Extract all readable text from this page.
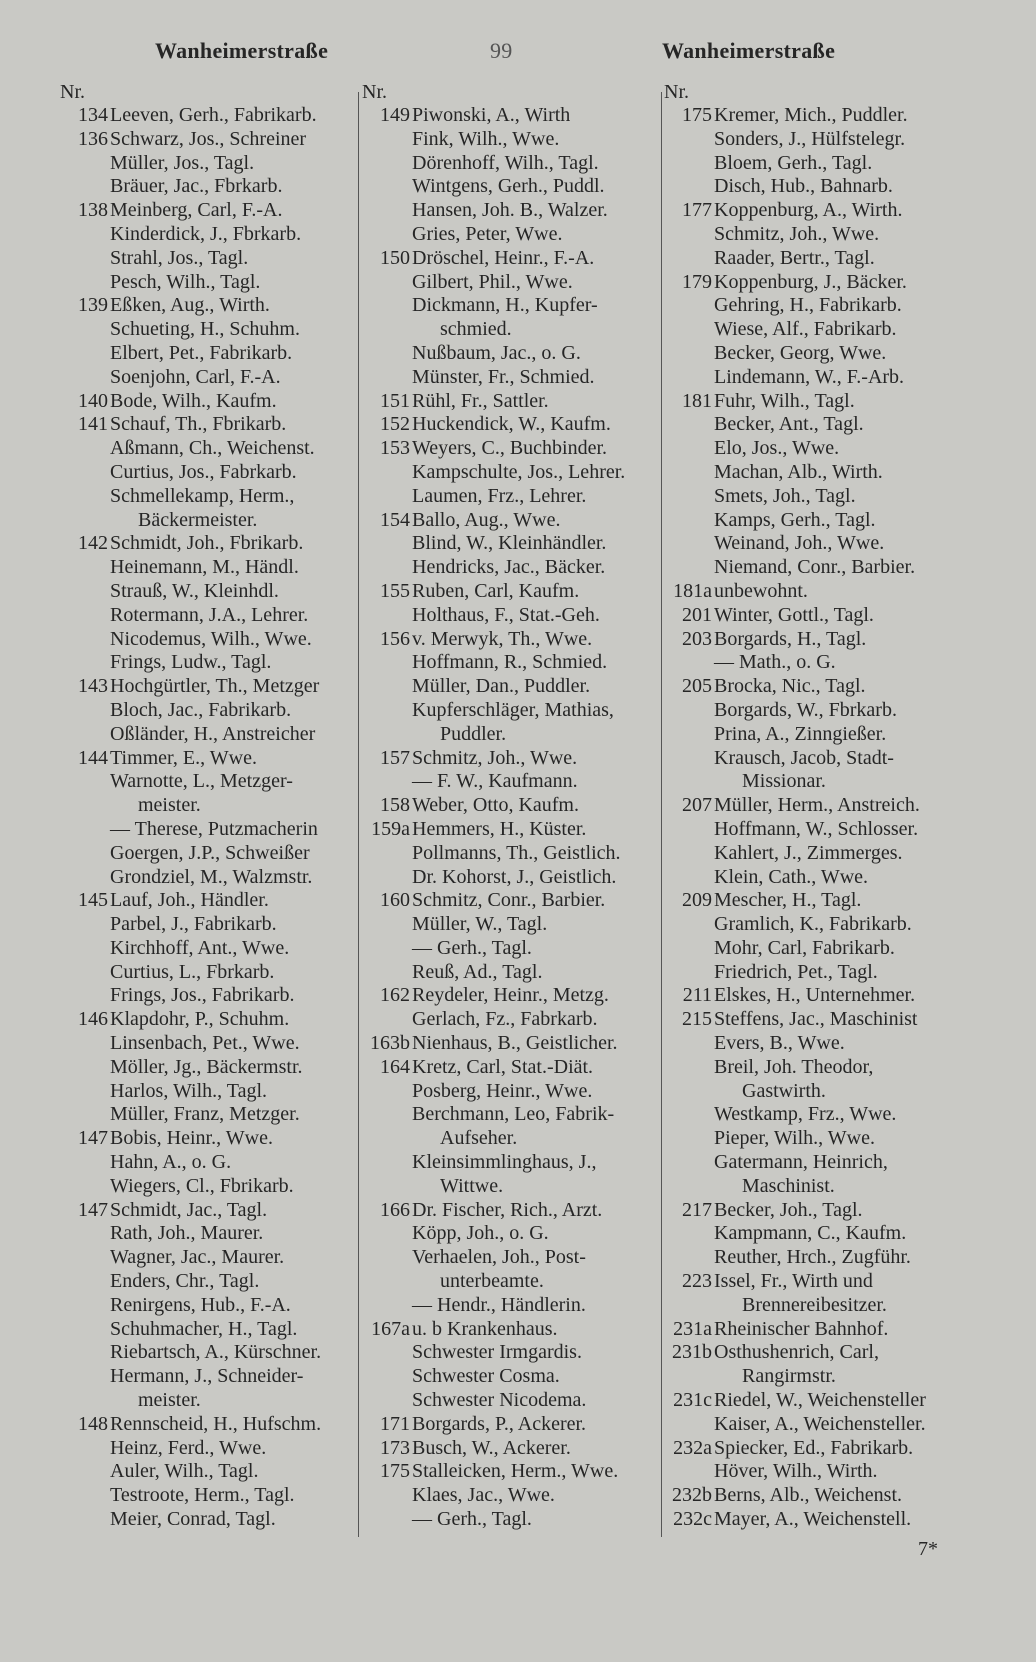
Wanheimerstraße	99	Wanheimerstraße
Nr.
134 Leeven, Gerh., Fabrikarb.
136 Schwarz, Jos., Schreiner
Müller, Jos., Tagl.
Bräuer, Jac., Fbrkarb.
138 Meinberg, Carl, F.-A.
Kinderdick, J., Fbrkarb.
Strahl, Jos., Tagl.
Pesch, Wilh., Tagl.
139 Eßken, Aug., Wirth.
Schueting, H., Schuhm.
Elbert, Pet., Fabrikarb.
Soenjohn, Carl, F.-A.
140 Bode, Wilh., Kaufm.
141 Schauf, Th., Fbrikarb.
Aßmann, Ch., Weichenst.
Curtius, Jos., Fabrkarb.
Schmellekamp, Herm.,
Bäckermeister.
142 Schmidt, Joh., Fbrikarb.
Heinemann, M., Händl.
Strauß, W., Kleinhdl.
Rotermann, J.A., Lehrer.
Nicodemus, Wilh., Wwe.
Frings, Ludw., Tagl.
143 Hochgürtler, Th., Metzger
Bloch, Jac., Fabrikarb.
Oßländer, H., Anstreicher
144 Timmer, E., Wwe.
Warnotte, L., Metzger-
meister.
— Therese, Putzmacherin
Goergen, J.P., Schweißer
Grondziel, M., Walzmstr.
145 Lauf, Joh., Händler.
Parbel, J., Fabrikarb.
Kirchhoff, Ant., Wwe.
Curtius, L., Fbrkarb.
Frings, Jos., Fabrikarb.
146 Klapdohr, P., Schuhm.
Linsenbach, Pet., Wwe.
Möller, Jg., Bäckermstr.
Harlos, Wilh., Tagl.
Müller, Franz, Metzger.
147 Bobis, Heinr., Wwe.
Hahn, A., o. G.
Wiegers, Cl., Fbrikarb.
147 Schmidt, Jac., Tagl.
Rath, Joh., Maurer.
Wagner, Jac., Maurer.
Enders, Chr., Tagl.
Renirgens, Hub., F.-A.
Schuhmacher, H., Tagl.
Riebartsch, A., Kürschner.
Hermann, J., Schneider-
meister.
148 Rennscheid, H., Hufschm.
Heinz, Ferd., Wwe.
Auler, Wilh., Tagl.
Testroote, Herm., Tagl.
Meier, Conrad, Tagl.
Nr.
149 Piwonski, A., Wirth
Fink, Wilh., Wwe.
Dörenhoff, Wilh., Tagl.
Wintgens, Gerh., Puddl.
Hansen, Joh. B., Walzer.
Gries, Peter, Wwe.
150 Dröschel, Heinr., F.-A.
Gilbert, Phil., Wwe.
Dickmann, H., Kupfer-
schmied.
Nußbaum, Jac., o. G.
Münster, Fr., Schmied.
151 Rühl, Fr., Sattler.
152 Huckendick, W., Kaufm.
153 Weyers, C., Buchbinder.
Kampschulte, Jos., Lehrer.
Laumen, Frz., Lehrer.
154 Ballo, Aug., Wwe.
Blind, W., Kleinhändler.
Hendricks, Jac., Bäcker.
155 Ruben, Carl, Kaufm.
Holthaus, F., Stat.-Geh.
156 v. Merwyk, Th., Wwe.
Hoffmann, R., Schmied.
Müller, Dan., Puddler.
Kupferschläger, Mathias,
Puddler.
157 Schmitz, Joh., Wwe.
— F. W., Kaufmann.
158 Weber, Otto, Kaufm.
159a Hemmers, H., Küster.
Pollmanns, Th., Geistlich.
Dr. Kohorst, J., Geistlich.
160 Schmitz, Conr., Barbier.
Müller, W., Tagl.
— Gerh., Tagl.
Reuß, Ad., Tagl.
162 Reydeler, Heinr., Metzg.
Gerlach, Fz., Fabrkarb.
163b Nienhaus, B., Geistlicher.
164 Kretz, Carl, Stat.-Diät.
Posberg, Heinr., Wwe.
Berchmann, Leo, Fabrik-
Aufseher.
Kleinsimmlinghaus, J.,
Wittwe.
166 Dr. Fischer, Rich., Arzt.
Köpp, Joh., o. G.
Verhaelen, Joh., Post-
unterbeamte.
— Hendr., Händlerin.
167a u. b Krankenhaus.
Schwester Irmgardis.
Schwester Cosma.
Schwester Nicodema.
171 Borgards, P., Ackerer.
173 Busch, W., Ackerer.
175 Stalleicken, Herm., Wwe.
Klaes, Jac., Wwe.
— Gerh., Tagl.
Nr.
175 Kremer, Mich., Puddler.
Sonders, J., Hülfstelegr.
Bloem, Gerh., Tagl.
Disch, Hub., Bahnarb.
177 Koppenburg, A., Wirth.
Schmitz, Joh., Wwe.
Raader, Bertr., Tagl.
179 Koppenburg, J., Bäcker.
Gehring, H., Fabrikarb.
Wiese, Alf., Fabrikarb.
Becker, Georg, Wwe.
Lindemann, W., F.-Arb.
181 Fuhr, Wilh., Tagl.
Becker, Ant., Tagl.
Elo, Jos., Wwe.
Machan, Alb., Wirth.
Smets, Joh., Tagl.
Kamps, Gerh., Tagl.
Weinand, Joh., Wwe.
Niemand, Conr., Barbier.
181a unbewohnt.
201 Winter, Gottl., Tagl.
203 Borgards, H., Tagl.
— Math., o. G.
205 Brocka, Nic., Tagl.
Borgards, W., Fbrkarb.
Prina, A., Zinngießer.
Krausch, Jacob, Stadt-
Missionar.
207 Müller, Herm., Anstreich.
Hoffmann, W., Schlosser.
Kahlert, J., Zimmerges.
Klein, Cath., Wwe.
209 Mescher, H., Tagl.
Gramlich, K., Fabrikarb.
Mohr, Carl, Fabrikarb.
Friedrich, Pet., Tagl.
211 Elskes, H., Unternehmer.
215 Steffens, Jac., Maschinist
Evers, B., Wwe.
Breil, Joh. Theodor,
Gastwirth.
Westkamp, Frz., Wwe.
Pieper, Wilh., Wwe.
Gatermann, Heinrich,
Maschinist.
217 Becker, Joh., Tagl.
Kampmann, C., Kaufm.
Reuther, Hrch., Zugführ.
223 Issel, Fr., Wirth und
Brennereibesitzer.
231a Rheinischer Bahnhof.
231b Osthushenrich, Carl,
Rangirmstr.
231c Riedel, W., Weichensteller
Kaiser, A., Weichensteller.
232a Spiecker, Ed., Fabrikarb.
Höver, Wilh., Wirth.
232b Berns, Alb., Weichenst.
232c Mayer, A., Weichenstell.
7*
